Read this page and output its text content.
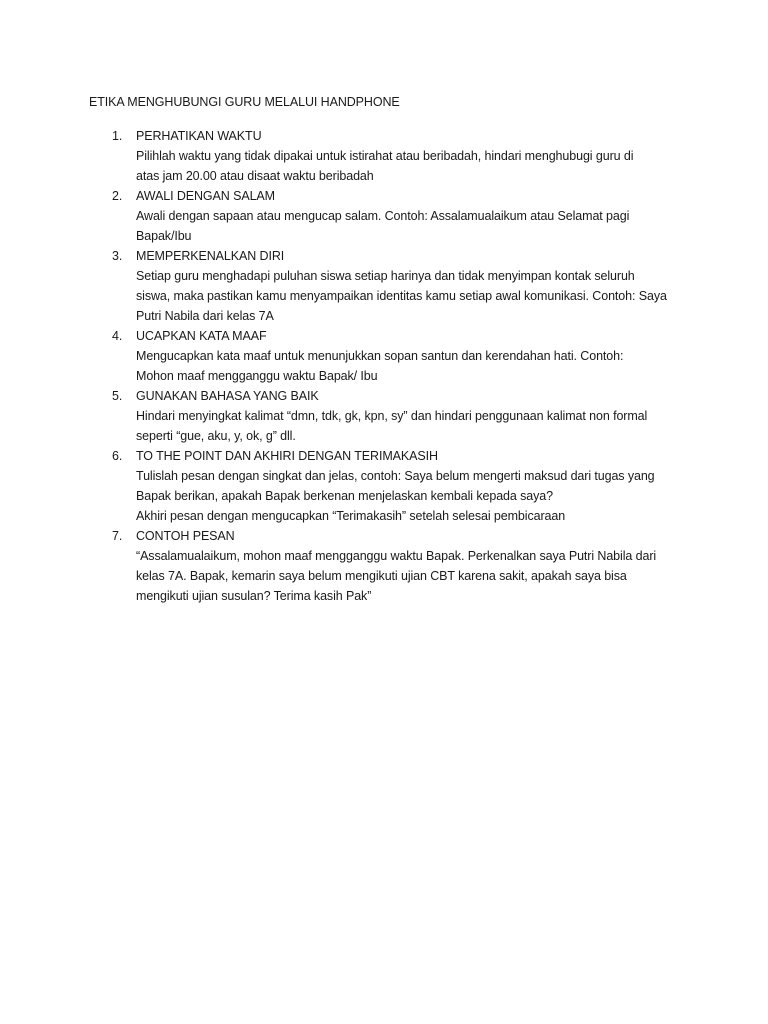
ETIKA MENGHUBUNGI GURU MELALUI HANDPHONE
1.	PERHATIKAN WAKTU
Pilihlah waktu yang tidak dipakai untuk istirahat atau beribadah, hindari menghubugi guru di
atas jam 20.00 atau disaat waktu beribadah
2.	AWALI DENGAN SALAM
Awali dengan sapaan atau mengucap salam. Contoh: Assalamualaikum atau Selamat pagi
Bapak/Ibu
3.	MEMPERKENALKAN DIRI
Setiap guru menghadapi puluhan siswa setiap harinya dan tidak menyimpan kontak seluruh
siswa, maka pastikan kamu menyampaikan identitas kamu setiap awal komunikasi. Contoh: Saya
Putri Nabila dari kelas 7A
4.	UCAPKAN KATA MAAF
Mengucapkan kata maaf untuk menunjukkan sopan santun dan kerendahan hati. Contoh:
Mohon maaf mengganggu waktu Bapak/ Ibu
5.	GUNAKAN BAHASA YANG BAIK
Hindari menyingkat kalimat “dmn, tdk, gk, kpn, sy” dan hindari penggunaan kalimat non formal
seperti “gue, aku, y, ok, g” dll.
6.	TO THE POINT DAN AKHIRI DENGAN TERIMAKASIH
Tulislah pesan dengan singkat dan jelas, contoh: Saya belum mengerti maksud dari tugas yang
Bapak berikan, apakah Bapak berkenan menjelaskan kembali kepada saya?
Akhiri pesan dengan mengucapkan “Terimakasih” setelah selesai pembicaraan
7.	CONTOH PESAN
“Assalamualaikum, mohon maaf mengganggu waktu Bapak. Perkenalkan saya Putri Nabila dari
kelas 7A. Bapak, kemarin saya belum mengikuti ujian CBT karena sakit, apakah saya bisa
mengikuti ujian susulan? Terima kasih Pak”
